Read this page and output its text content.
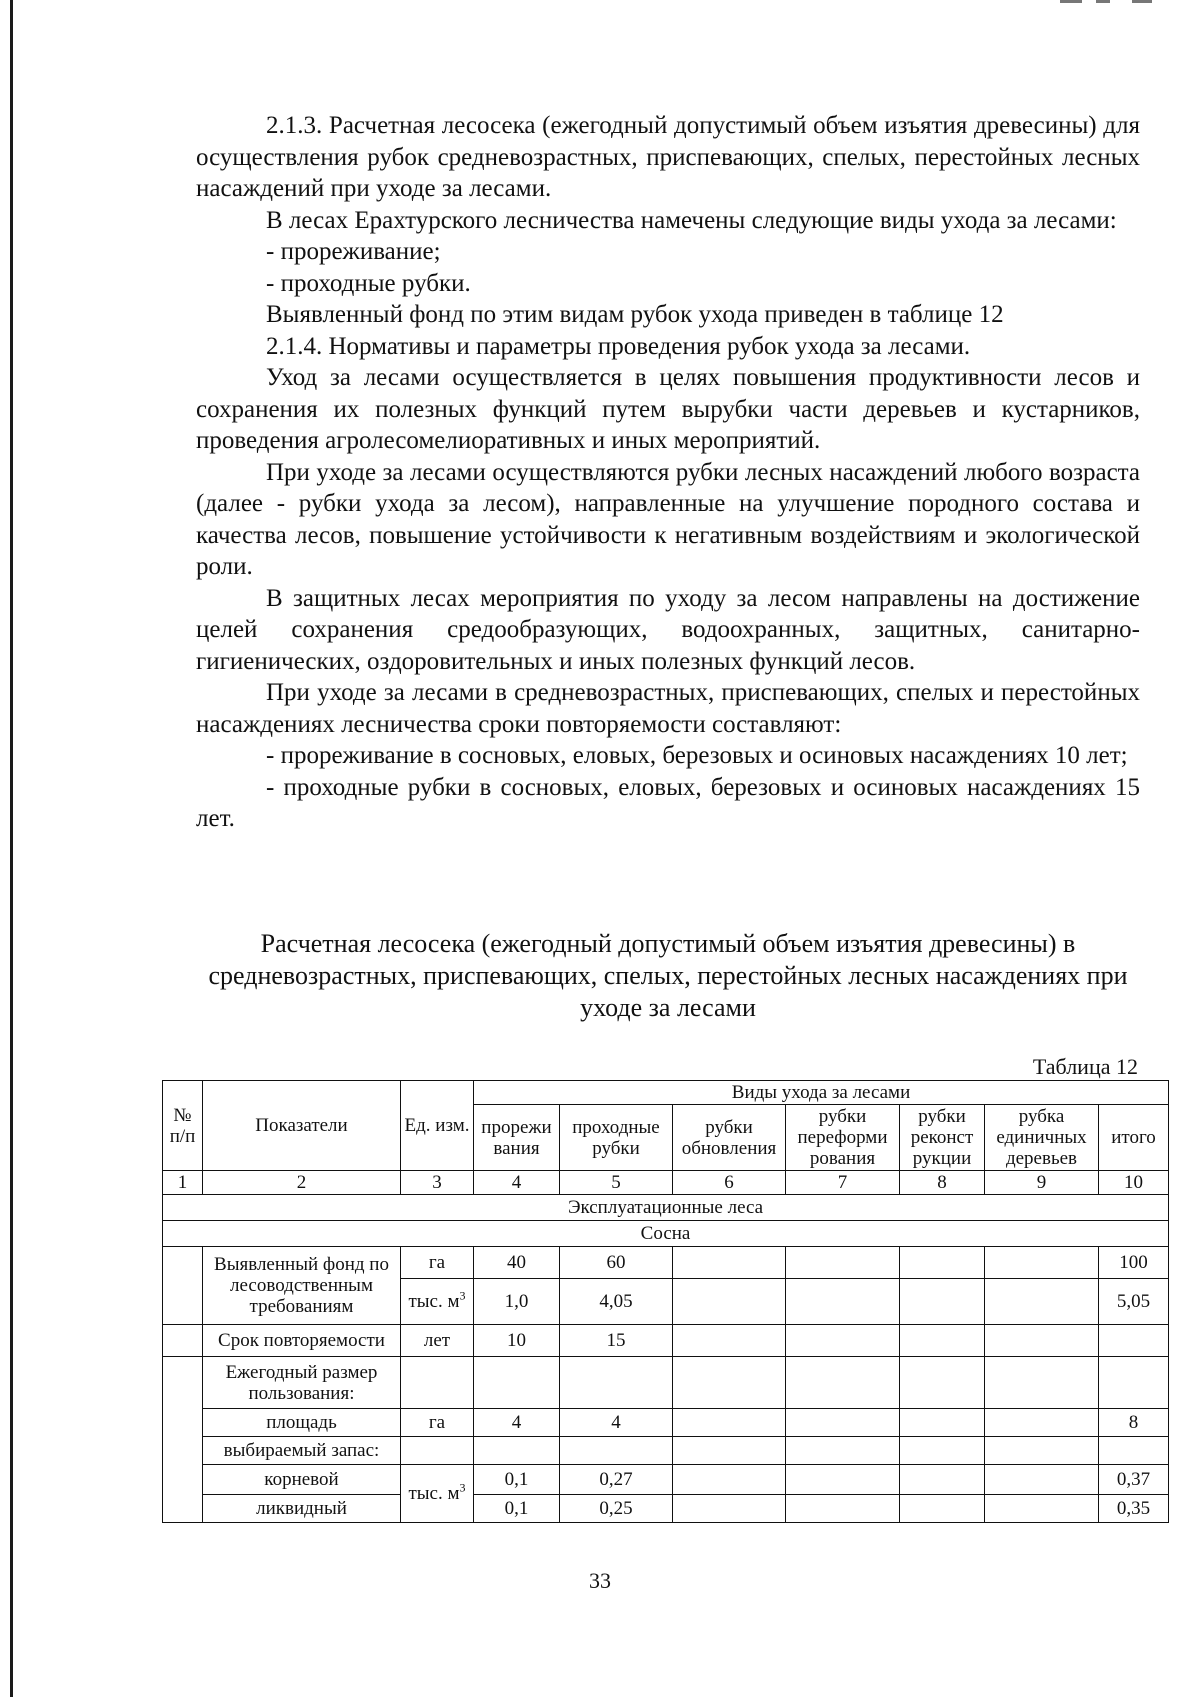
2.1.3. Расчетная лесосека (ежегодный допустимый объем изъятия древесины) для осуществления рубок средневозрастных, приспевающих, спелых, перестойных лесных насаждений при уходе за лесами.

В лесах Ерахтурского лесничества намечены следующие виды ухода за лесами:

- прореживание;

- проходные рубки.

Выявленный фонд по этим видам рубок ухода приведен в таблице 12

2.1.4. Нормативы и параметры проведения рубок ухода за лесами.

Уход за лесами осуществляется в целях повышения продуктивности лесов и сохранения их полезных функций путем вырубки части деревьев и кустарников, проведения агролесомелиоративных и иных мероприятий.

При уходе за лесами осуществляются рубки лесных насаждений любого возраста (далее - рубки ухода за лесом), направленные на улучшение породного состава и качества лесов, повышение устойчивости к негативным воздействиям и экологической роли.

В защитных лесах мероприятия по уходу за лесом направлены на достижение целей сохранения средообразующих, водоохранных, защитных, санитарно-гигиенических, оздоровительных и иных полезных функций лесов.

При уходе за лесами в средневозрастных, приспевающих, спелых и перестойных насаждениях лесничества сроки повторяемости составляют:

- прореживание в сосновых, еловых, березовых и осиновых насаждениях 10 лет;

- проходные рубки в сосновых, еловых, березовых и осиновых насаждениях 15 лет.

Расчетная лесосека (ежегодный допустимый объем изъятия древесины) в средневозрастных, приспевающих, спелых, перестойных лесных насаждениях при уходе за лесами
Таблица 12
№ п/п	Показатели	Ед. изм.	Виды ухода за лесами						
			прорежи вания	проходные рубки	рубки обновления	рубки переформи рования	рубки реконст рукции	рубка единичных деревьев	итого
1	2	3	4	5	6	7	8	9	10
Эксплуатационные леса									
Сосна									
	Выявленный фонд по лесоводственным требованиям	га	40	60					100
		тыс. $м^3$	1,0	4,05					5,05
	Срок повторяемости	лет	10	15					
	Ежегодный размер пользования:								
	площадь	га	4	4					8
	выбираемый запас:								
	корневой	тыс. $м^3$	0,1	0,27					0,37
	ликвидный		0,1	0,25					0,35
33
